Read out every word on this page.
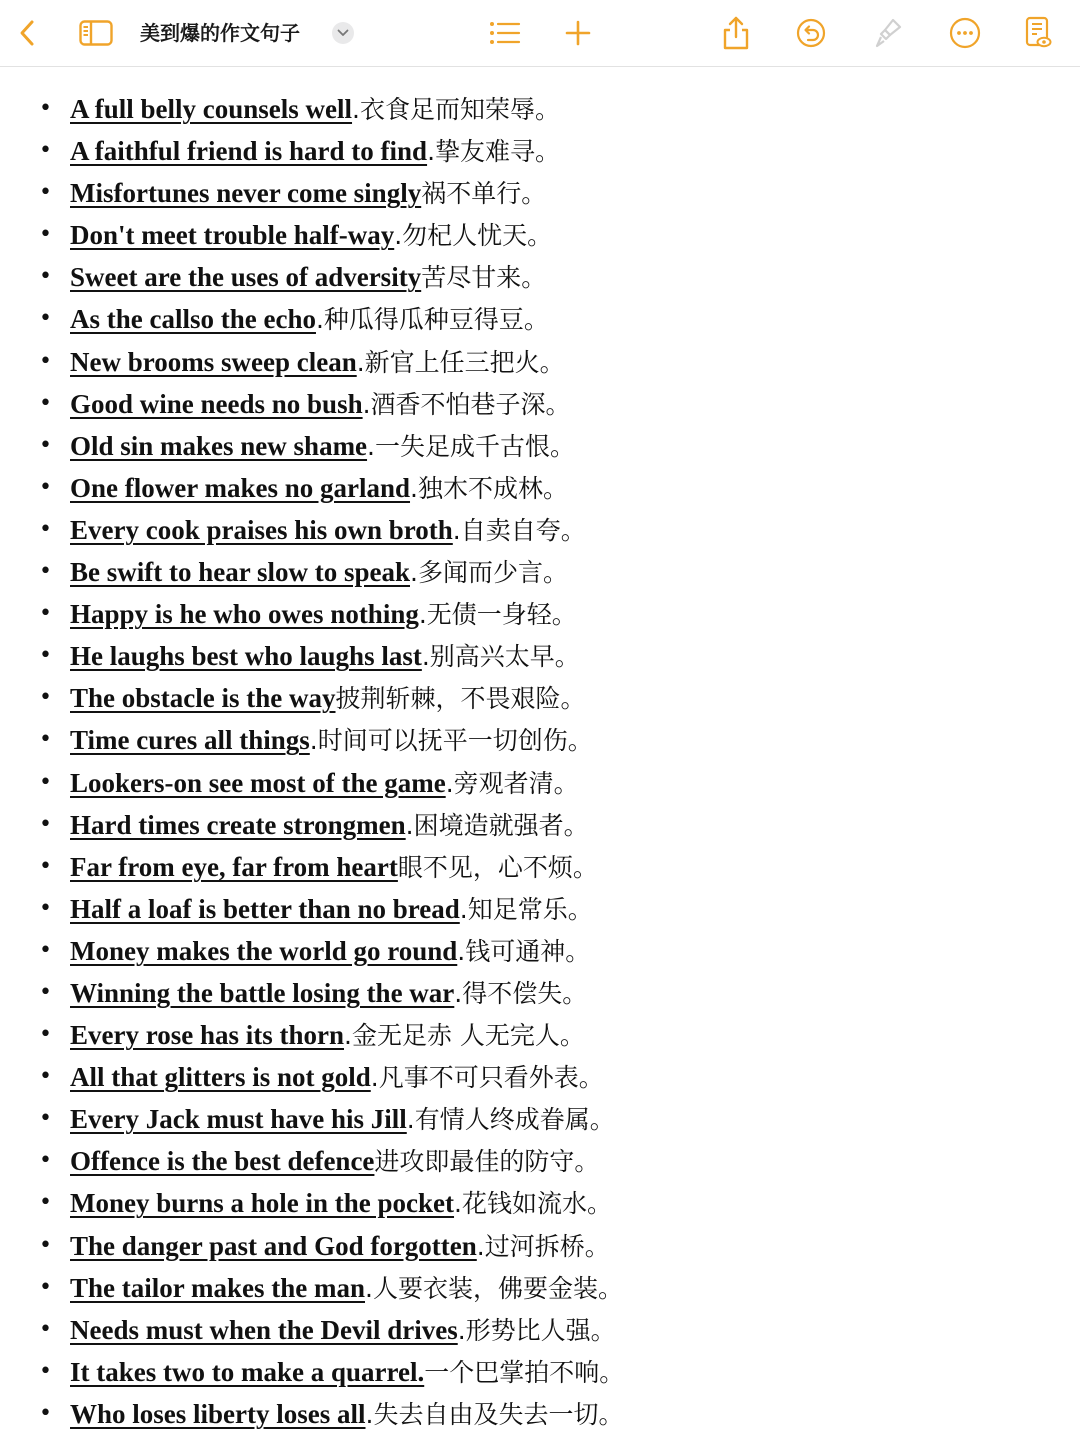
美到爆的作文句子
• A full belly counsels well.衣食足而知荣辱。
• A faithful friend is hard to find.挚友难寻。
• Misfortunes never come singly祸不单行。
• Don't meet trouble half-way.勿杞人忧天。
• Sweet are the uses of adversity苦尽甘来。
• As the callso the echo.种瓜得瓜种豆得豆。
• New brooms sweep clean.新官上任三把火。
• Good wine needs no bush.酒香不怕巷子深。
• Old sin makes new shame.一失足成千古恨。
• One flower makes no garland.独木不成林。
• Every cook praises his own broth.自卖自夸。
• Be swift to hear slow to speak.多闻而少言。
• Happy is he who owes nothing.无债一身轻。
• He laughs best who laughs last.别高兴太早。
• The obstacle is the way披荆斩棘，不畏艰险。
• Time cures all things.时间可以抚平一切创伤。
• Lookers-on see most of the game.旁观者清。
• Hard times create strongmen.困境造就强者。
• Far from eye, far from heart眼不见，心不烦。
• Half a loaf is better than no bread.知足常乐。
• Money makes the world go round.钱可通神。
• Winning the battle losing the war.得不偿失。
• Every rose has its thorn.金无足赤 人无完人。
• All that glitters is not gold.凡事不可只看外表。
• Every Jack must have his Jill.有情人终成眷属。
• Offence is the best defence进攻即最佳的防守。
• Money burns a hole in the pocket.花钱如流水。
• The danger past and God forgotten.过河拆桥。
• The tailor makes the man.人要衣装，佛要金装。
• Needs must when the Devil drives.形势比人强。
• It takes two to make a quarrel.一个巴掌拍不响。
• Who loses liberty loses all.失去自由及失去一切。
